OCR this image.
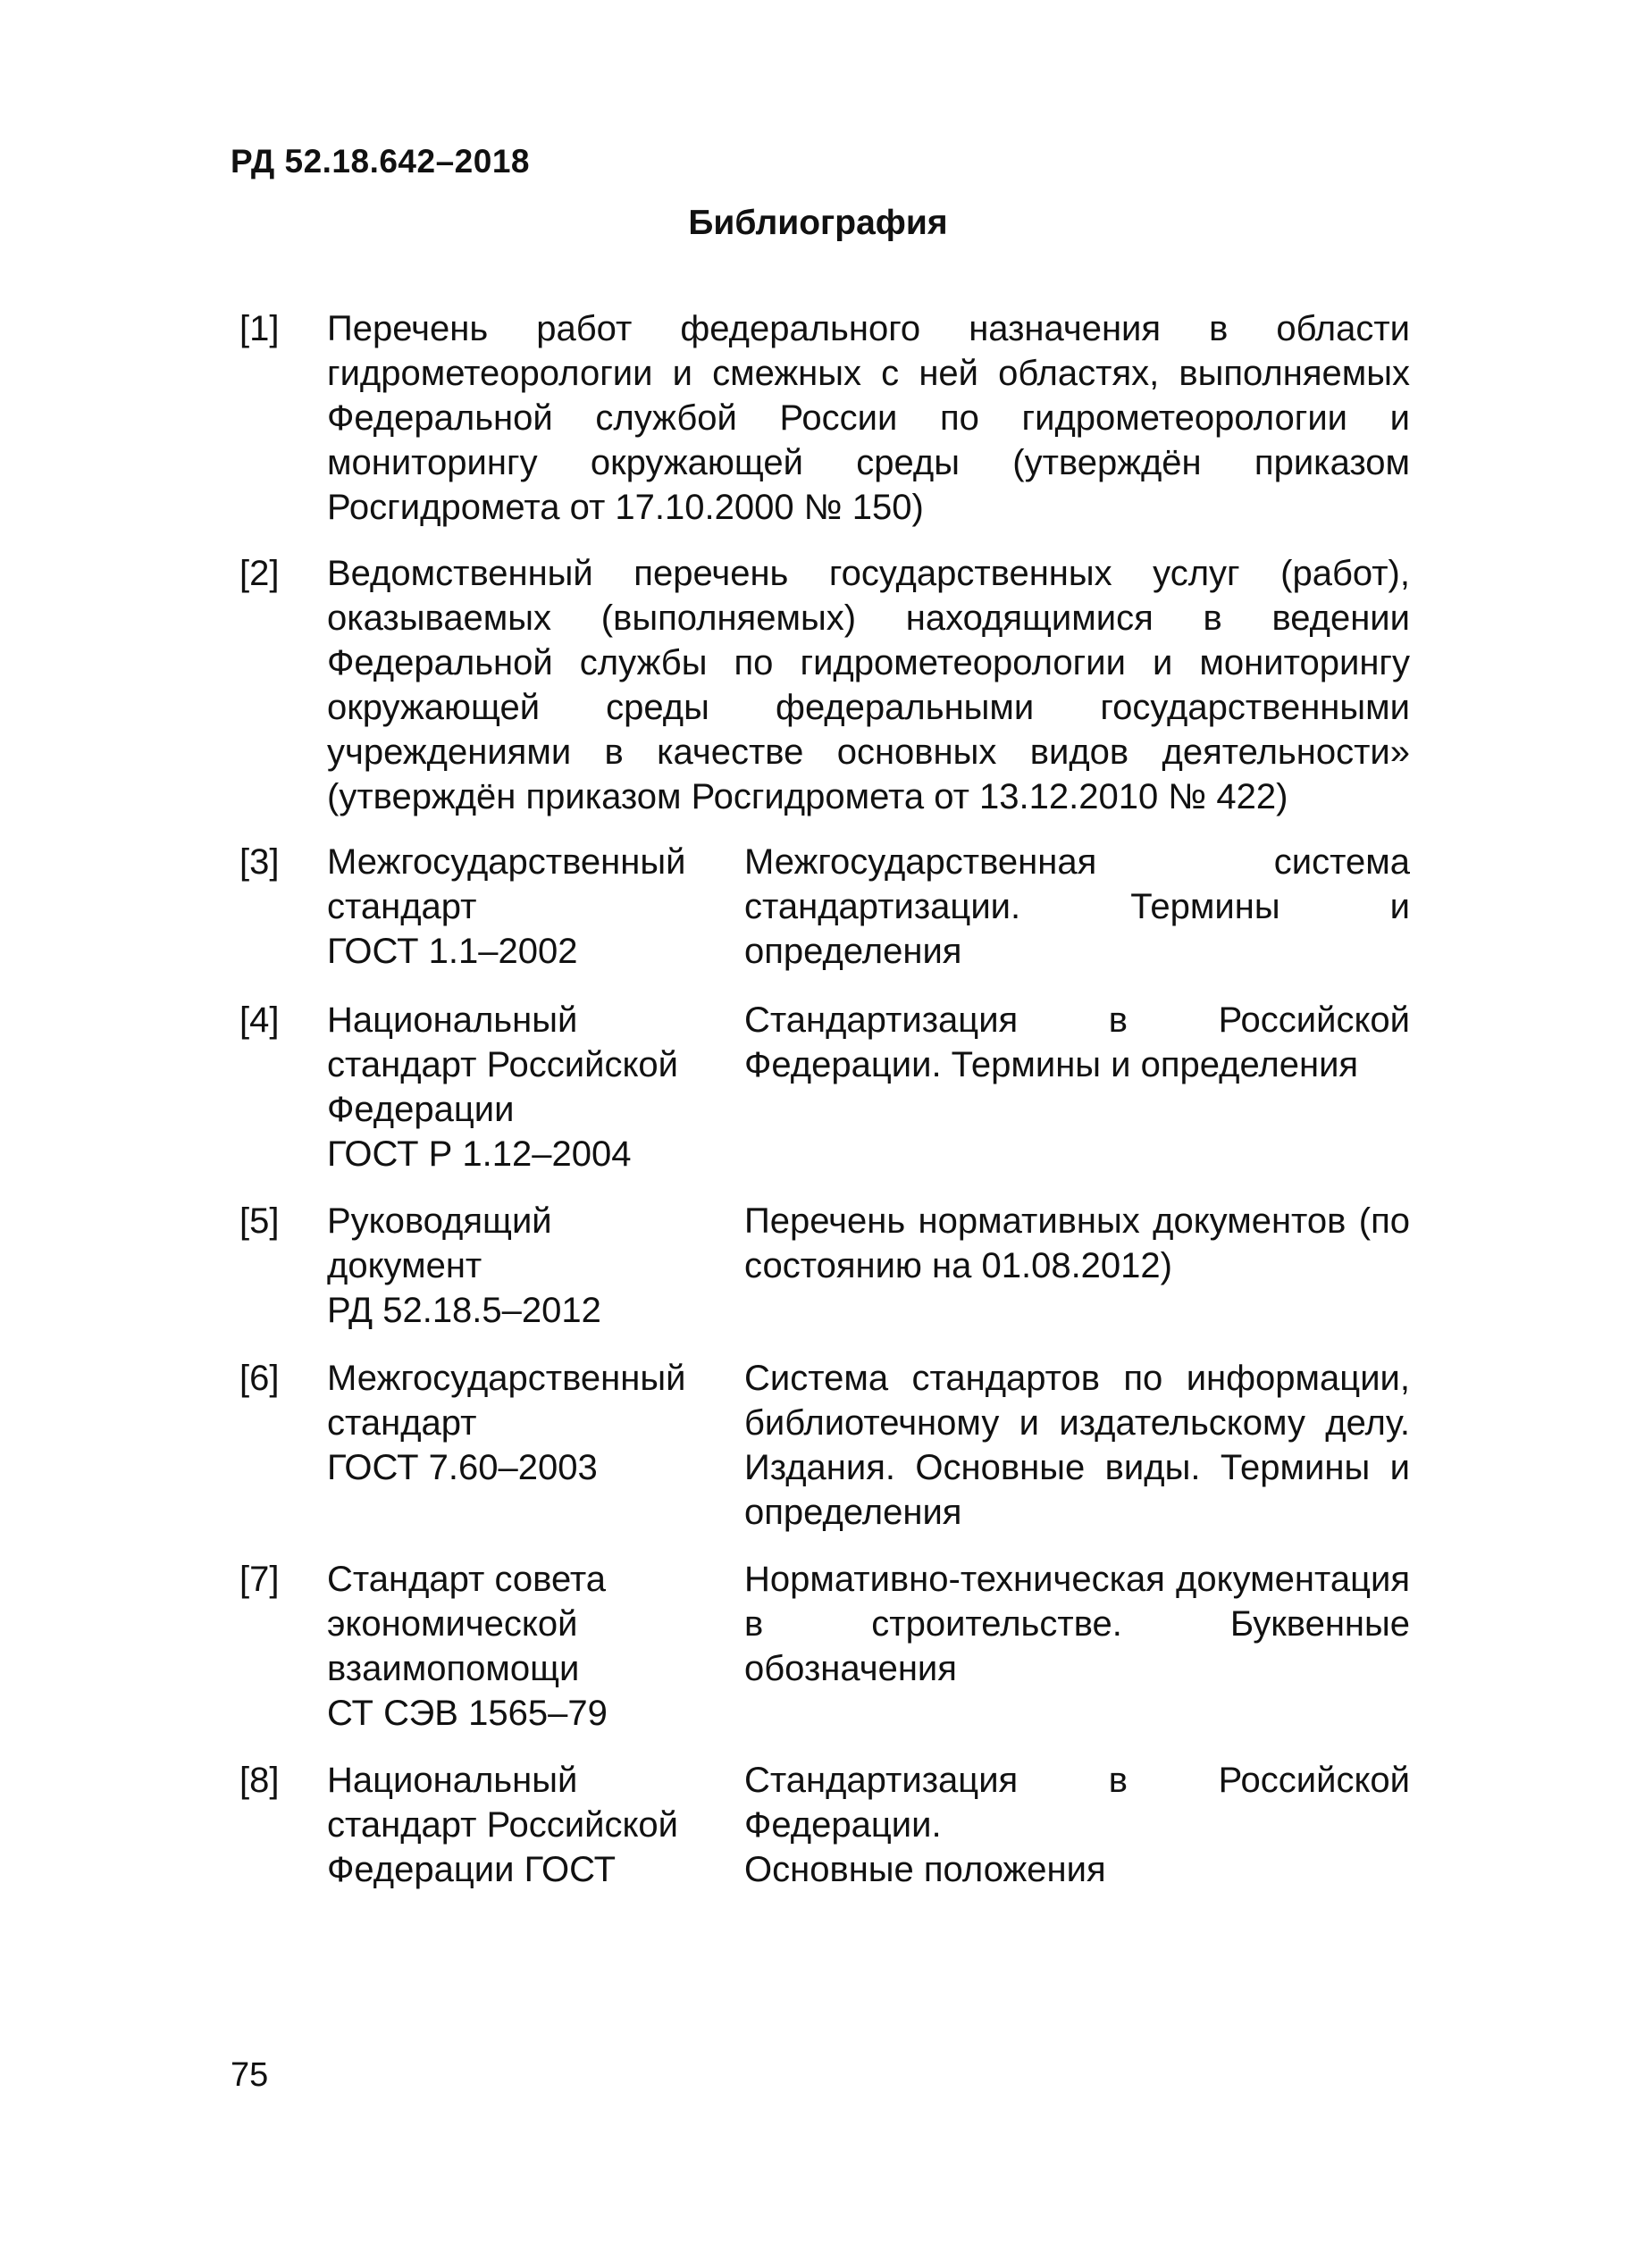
РД 52.18.642–2018
Библиография
[1] Перечень работ федерального назначения в области гидрометеорологии и смежных с ней областях, выполняемых Федеральной службой России по гидрометеорологии и мониторингу окружающей среды (утверждён приказом Росгидромета от 17.10.2000 № 150)
[2] Ведомственный перечень государственных услуг (работ), оказываемых (выполняемых) находящимися в ведении Федеральной службы по гидрометеорологии и мониторингу окружающей среды федеральными государственными учреждениями в качестве основных видов деятельности» (утверждён приказом Росгидромета от 13.12.2010 № 422)
[3] Межгосударственный
стандарт
ГОСТ 1.1–2002
Межгосударственная система стандартизации. Термины и определения
[4] Национальный
стандарт Российской
Федерации
ГОСТ Р 1.12–2004
Стандартизация в Российской Федерации. Термины и определения
[5] Руководящий
документ
РД 52.18.5–2012
Перечень нормативных документов (по состоянию на 01.08.2012)
[6] Межгосударственный
стандарт
ГОСТ 7.60–2003
Система стандартов по информации, библиотечному и издательскому делу. Издания. Основные виды. Термины и определения
[7] Стандарт совета
экономической
взаимопомощи
СТ СЭВ 1565–79
Нормативно-техническая документация в строительстве. Буквенные обозначения
[8] Национальный
стандарт Российской
Федерации ГОСТ
Стандартизация в Российской Федерации.
Основные положения
75
